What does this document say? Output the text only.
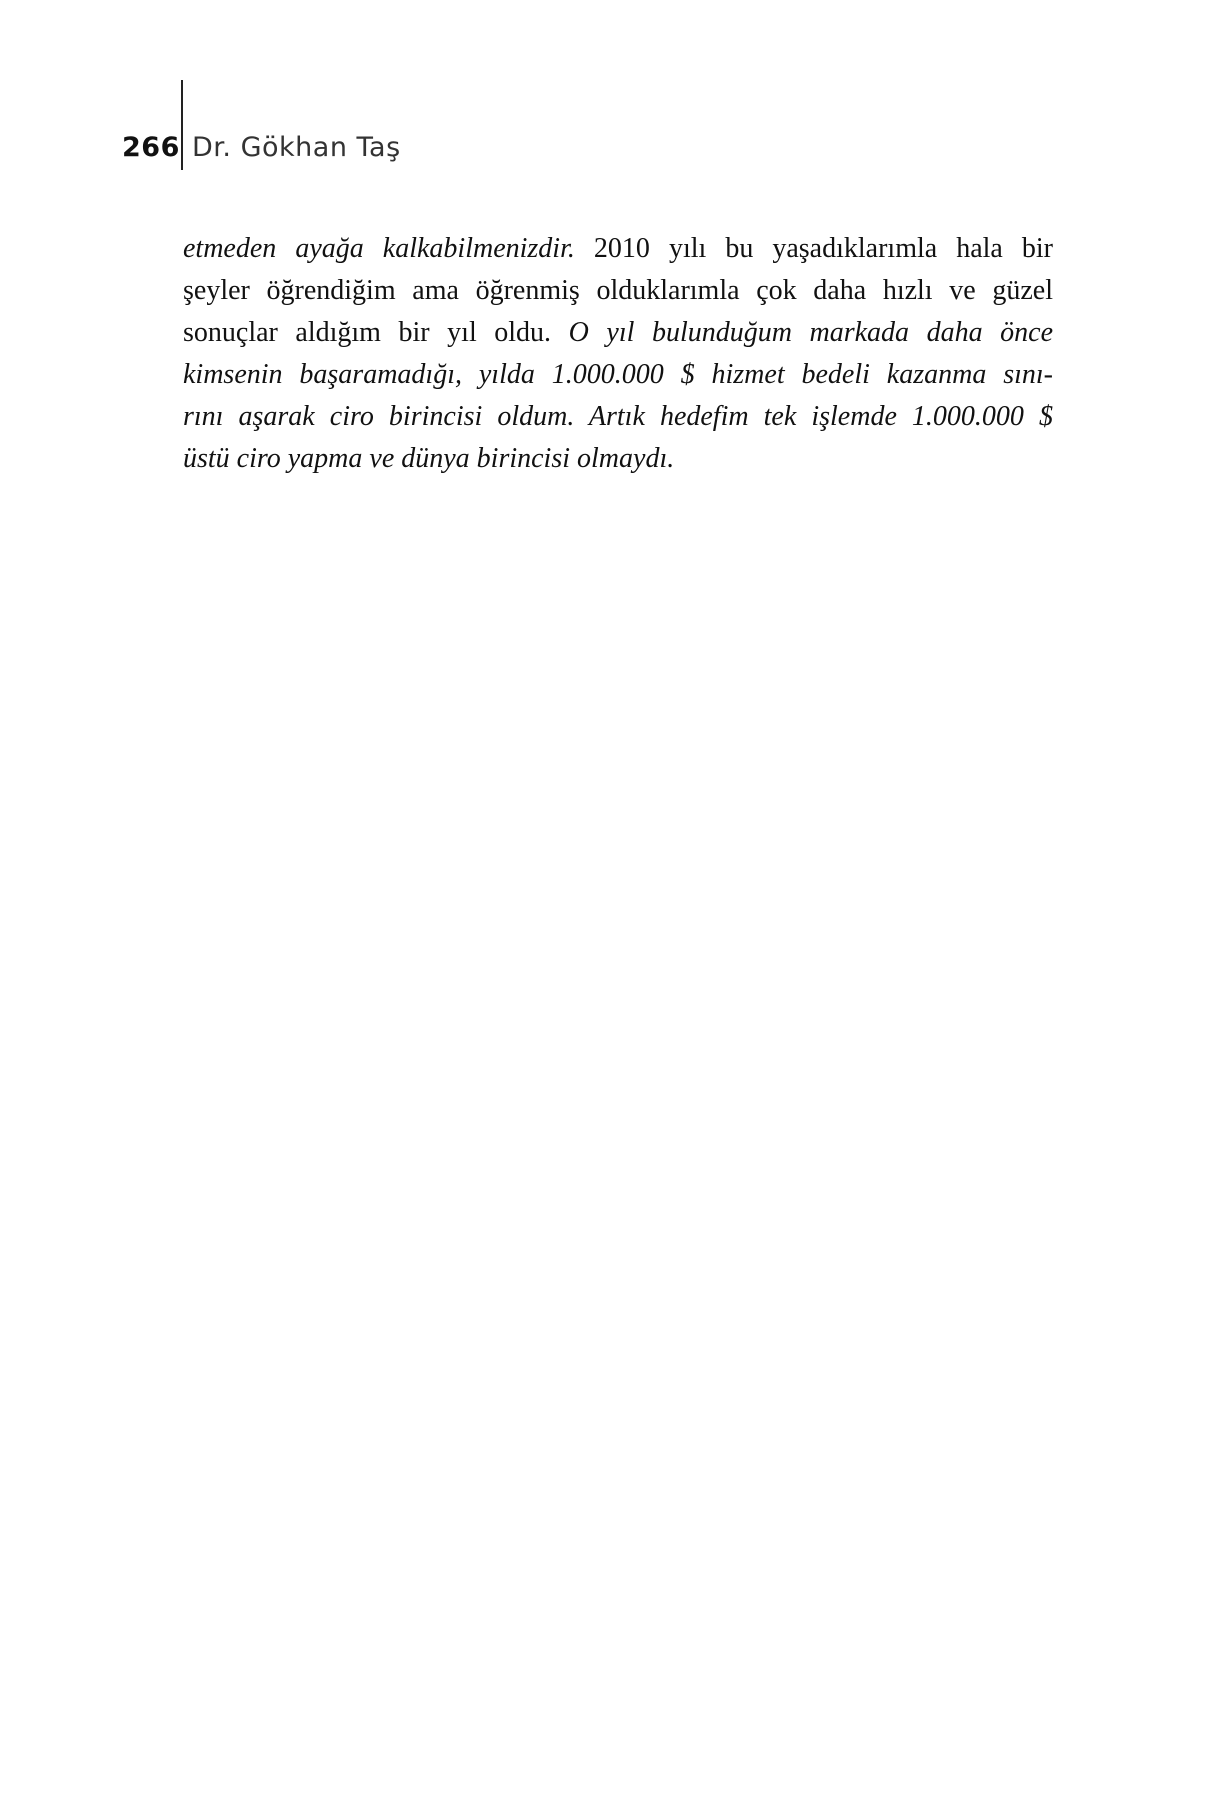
266 Dr. Gökhan Taş
etmeden ayağa kalkabilmenizdir. 2010 yılı bu yaşadıklarımla hala bir
şeyler öğrendiğim ama öğrenmiş olduklarımla çok daha hızlı ve güzel
sonuçlar aldığım bir yıl oldu. O yıl bulunduğum markada daha önce
kimsenin başaramadığı, yılda 1.000.000 $ hizmet bedeli kazanma sını-
rını aşarak ciro birincisi oldum. Artık hedefim tek işlemde 1.000.000 $
üstü ciro yapma ve dünya birincisi olmaydı.
